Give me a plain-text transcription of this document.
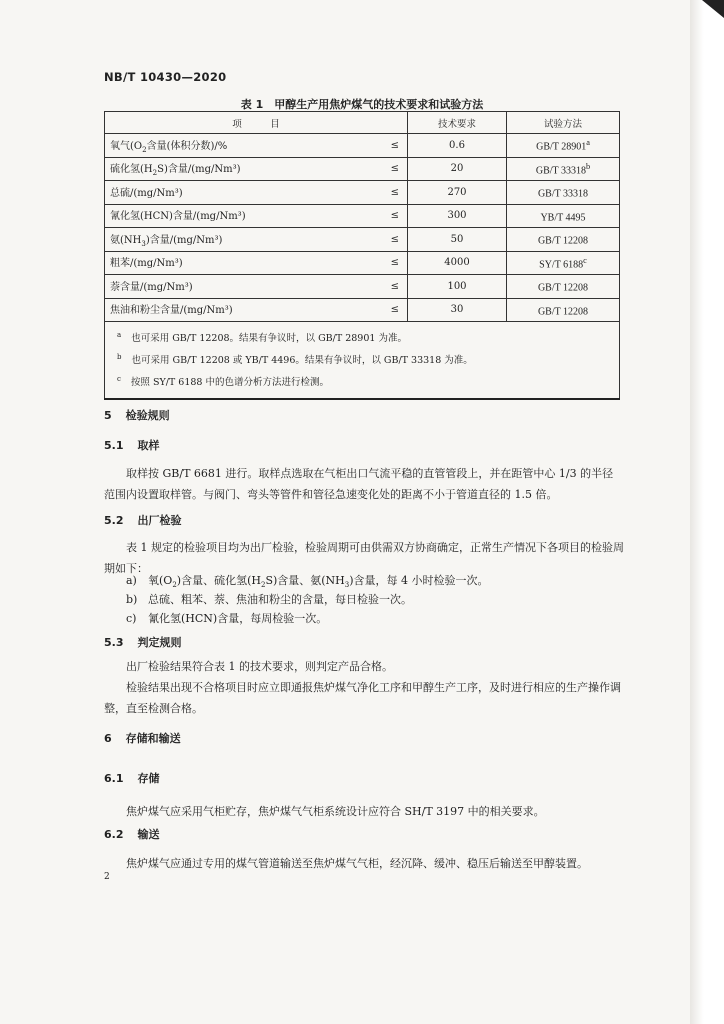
NB/T 10430—2020
表 1　甲醇生产用焦炉煤气的技术要求和试验方法
项　　　目		技术要求	试验方法
氧气($O_2$含量(体积分数)/%	≤	0.6	GB/T 28901$^a$
硫化氢$(H_2S)$含量/(mg/Nm³)	≤	20	GB/T 33318$^b$
总硫/(mg/Nm³)	≤	270	GB/T 33318
氰化氢(HCN)含量/(mg/Nm³)	≤	300	YB/T 4495
氨$(NH_3)$含量/(mg/Nm³)	≤	50	GB/T 12208
粗苯/(mg/Nm³)	≤	4000	SY/T 6188$^c$
萘含量/(mg/Nm³)	≤	100	GB/T 12208
焦油和粉尘含量/(mg/Nm³)	≤	30	GB/T 12208

$^a$ 也可采用 GB/T 12208。结果有争议时，以 GB/T 28901 为准。
$^b$ 也可采用 GB/T 12208 或 YB/T 4496。结果有争议时，以 GB/T 33318 为准。
$^c$ 按照 SY/T 6188 中的色谱分析方法进行检测。			
5 检验规则
5.1 取样
取样按 GB/T 6681 进行。取样点选取在气柜出口气流平稳的直管管段上，并在距管中心 1/3 的半径范围内设置取样管。与阀门、弯头等管件和管径急速变化处的距离不小于管道直径的 1.5 倍。
5.2 出厂检验
表 1 规定的检验项目均为出厂检验，检验周期可由供需双方协商确定，正常生产情况下各项目的检验周期如下：
a) 氧$(O_2)$含量、硫化氢$(H_2S)$含量、氨$(NH_3)$含量，每 4 小时检验一次。
b) 总硫、粗苯、萘、焦油和粉尘的含量，每日检验一次。
c) 氰化氢(HCN)含量，每周检验一次。
5.3 判定规则
出厂检验结果符合表 1 的技术要求，则判定产品合格。
检验结果出现不合格项目时应立即通报焦炉煤气净化工序和甲醇生产工序，及时进行相应的生产操作调整，直至检测合格。
6 存储和输送
6.1 存储
焦炉煤气应采用气柜贮存，焦炉煤气气柜系统设计应符合 SH/T 3197 中的相关要求。
6.2 输送
焦炉煤气应通过专用的煤气管道输送至焦炉煤气气柜，经沉降、缓冲、稳压后输送至甲醇装置。
2
